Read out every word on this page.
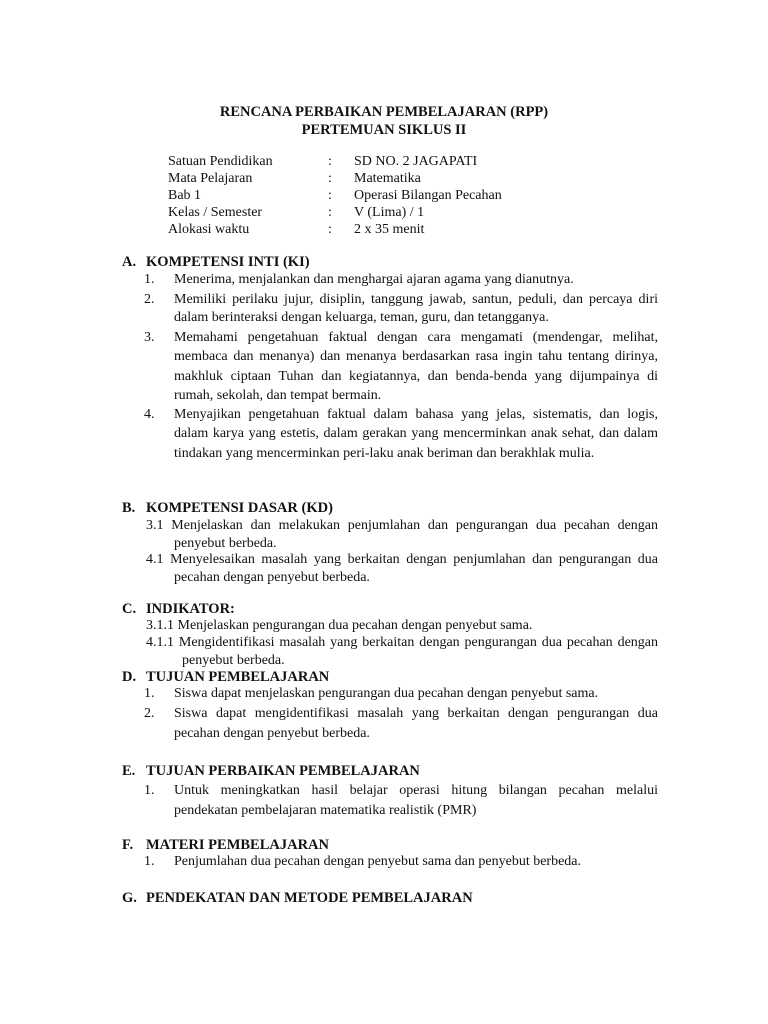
RENCANA PERBAIKAN PEMBELAJARAN (RPP)
PERTEMUAN SIKLUS II
Satuan Pendidikan	: SD NO. 2 JAGAPATI
Mata Pelajaran	: Matematika
Bab 1	: Operasi Bilangan Pecahan
Kelas / Semester	: V (Lima) / 1
Alokasi waktu	: 2 x 35 menit
A. KOMPETENSI INTI (KI)
1. Menerima, menjalankan dan menghargai ajaran agama yang dianutnya.
2. Memiliki perilaku jujur, disiplin, tanggung jawab, santun, peduli, dan percaya diri dalam berinteraksi dengan keluarga, teman, guru, dan tetangganya.
3. Memahami pengetahuan faktual dengan cara mengamati (mendengar, melihat, membaca dan menanya) dan menanya berdasarkan rasa ingin tahu tentang dirinya, makhluk ciptaan Tuhan dan kegiatannya, dan benda-benda yang dijumpainya di rumah, sekolah, dan tempat bermain.
4. Menyajikan pengetahuan faktual dalam bahasa yang jelas, sistematis, dan logis, dalam karya yang estetis, dalam gerakan yang mencerminkan anak sehat, dan dalam tindakan yang mencerminkan peri-laku anak beriman dan berakhlak mulia.
B. KOMPETENSI DASAR (KD)
3.1 Menjelaskan dan melakukan penjumlahan dan pengurangan dua pecahan dengan penyebut berbeda.
4.1 Menyelesaikan masalah yang berkaitan dengan penjumlahan dan pengurangan dua pecahan dengan penyebut berbeda.
C. INDIKATOR:
3.1.1 Menjelaskan pengurangan dua pecahan dengan penyebut sama.
4.1.1 Mengidentifikasi masalah yang berkaitan dengan pengurangan dua pecahan dengan penyebut berbeda.
D. TUJUAN PEMBELAJARAN
1. Siswa dapat menjelaskan pengurangan dua pecahan dengan penyebut sama.
2. Siswa dapat mengidentifikasi masalah yang berkaitan dengan pengurangan dua pecahan dengan penyebut berbeda.
E. TUJUAN PERBAIKAN PEMBELAJARAN
1. Untuk meningkatkan hasil belajar operasi hitung bilangan pecahan melalui pendekatan pembelajaran matematika realistik (PMR)
F. MATERI PEMBELAJARAN
1. Penjumlahan dua pecahan dengan penyebut sama dan penyebut berbeda.
G. PENDEKATAN DAN METODE PEMBELAJARAN
